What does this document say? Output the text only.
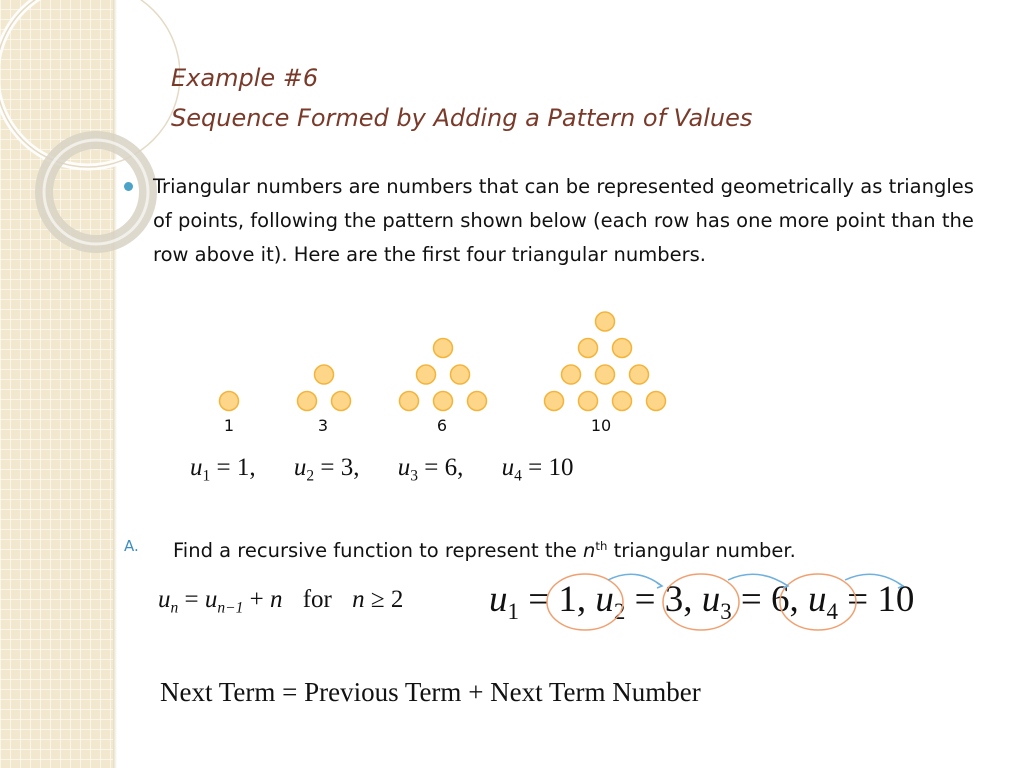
Example #6
Sequence Formed by Adding a Pattern of Values
Triangular numbers are numbers that can be represented geometrically as triangles of points, following the pattern shown below (each row has one more point than the row above it). Here are the first four triangular numbers.
1	3	6	10
$u_1 = 1$, $u_2 = 3$, $u_3 = 6$, $u_4 = 10$
A. Find a recursive function to represent the $n^{th}$ triangular number.
$u_n = u_{n-1} + n$ for n ≥ 2 $u_1 = 1$, $u_2 = 3$, $u_3 = 6$, $u_4 = 10$
Next Term = Previous Term + Next Term Number
